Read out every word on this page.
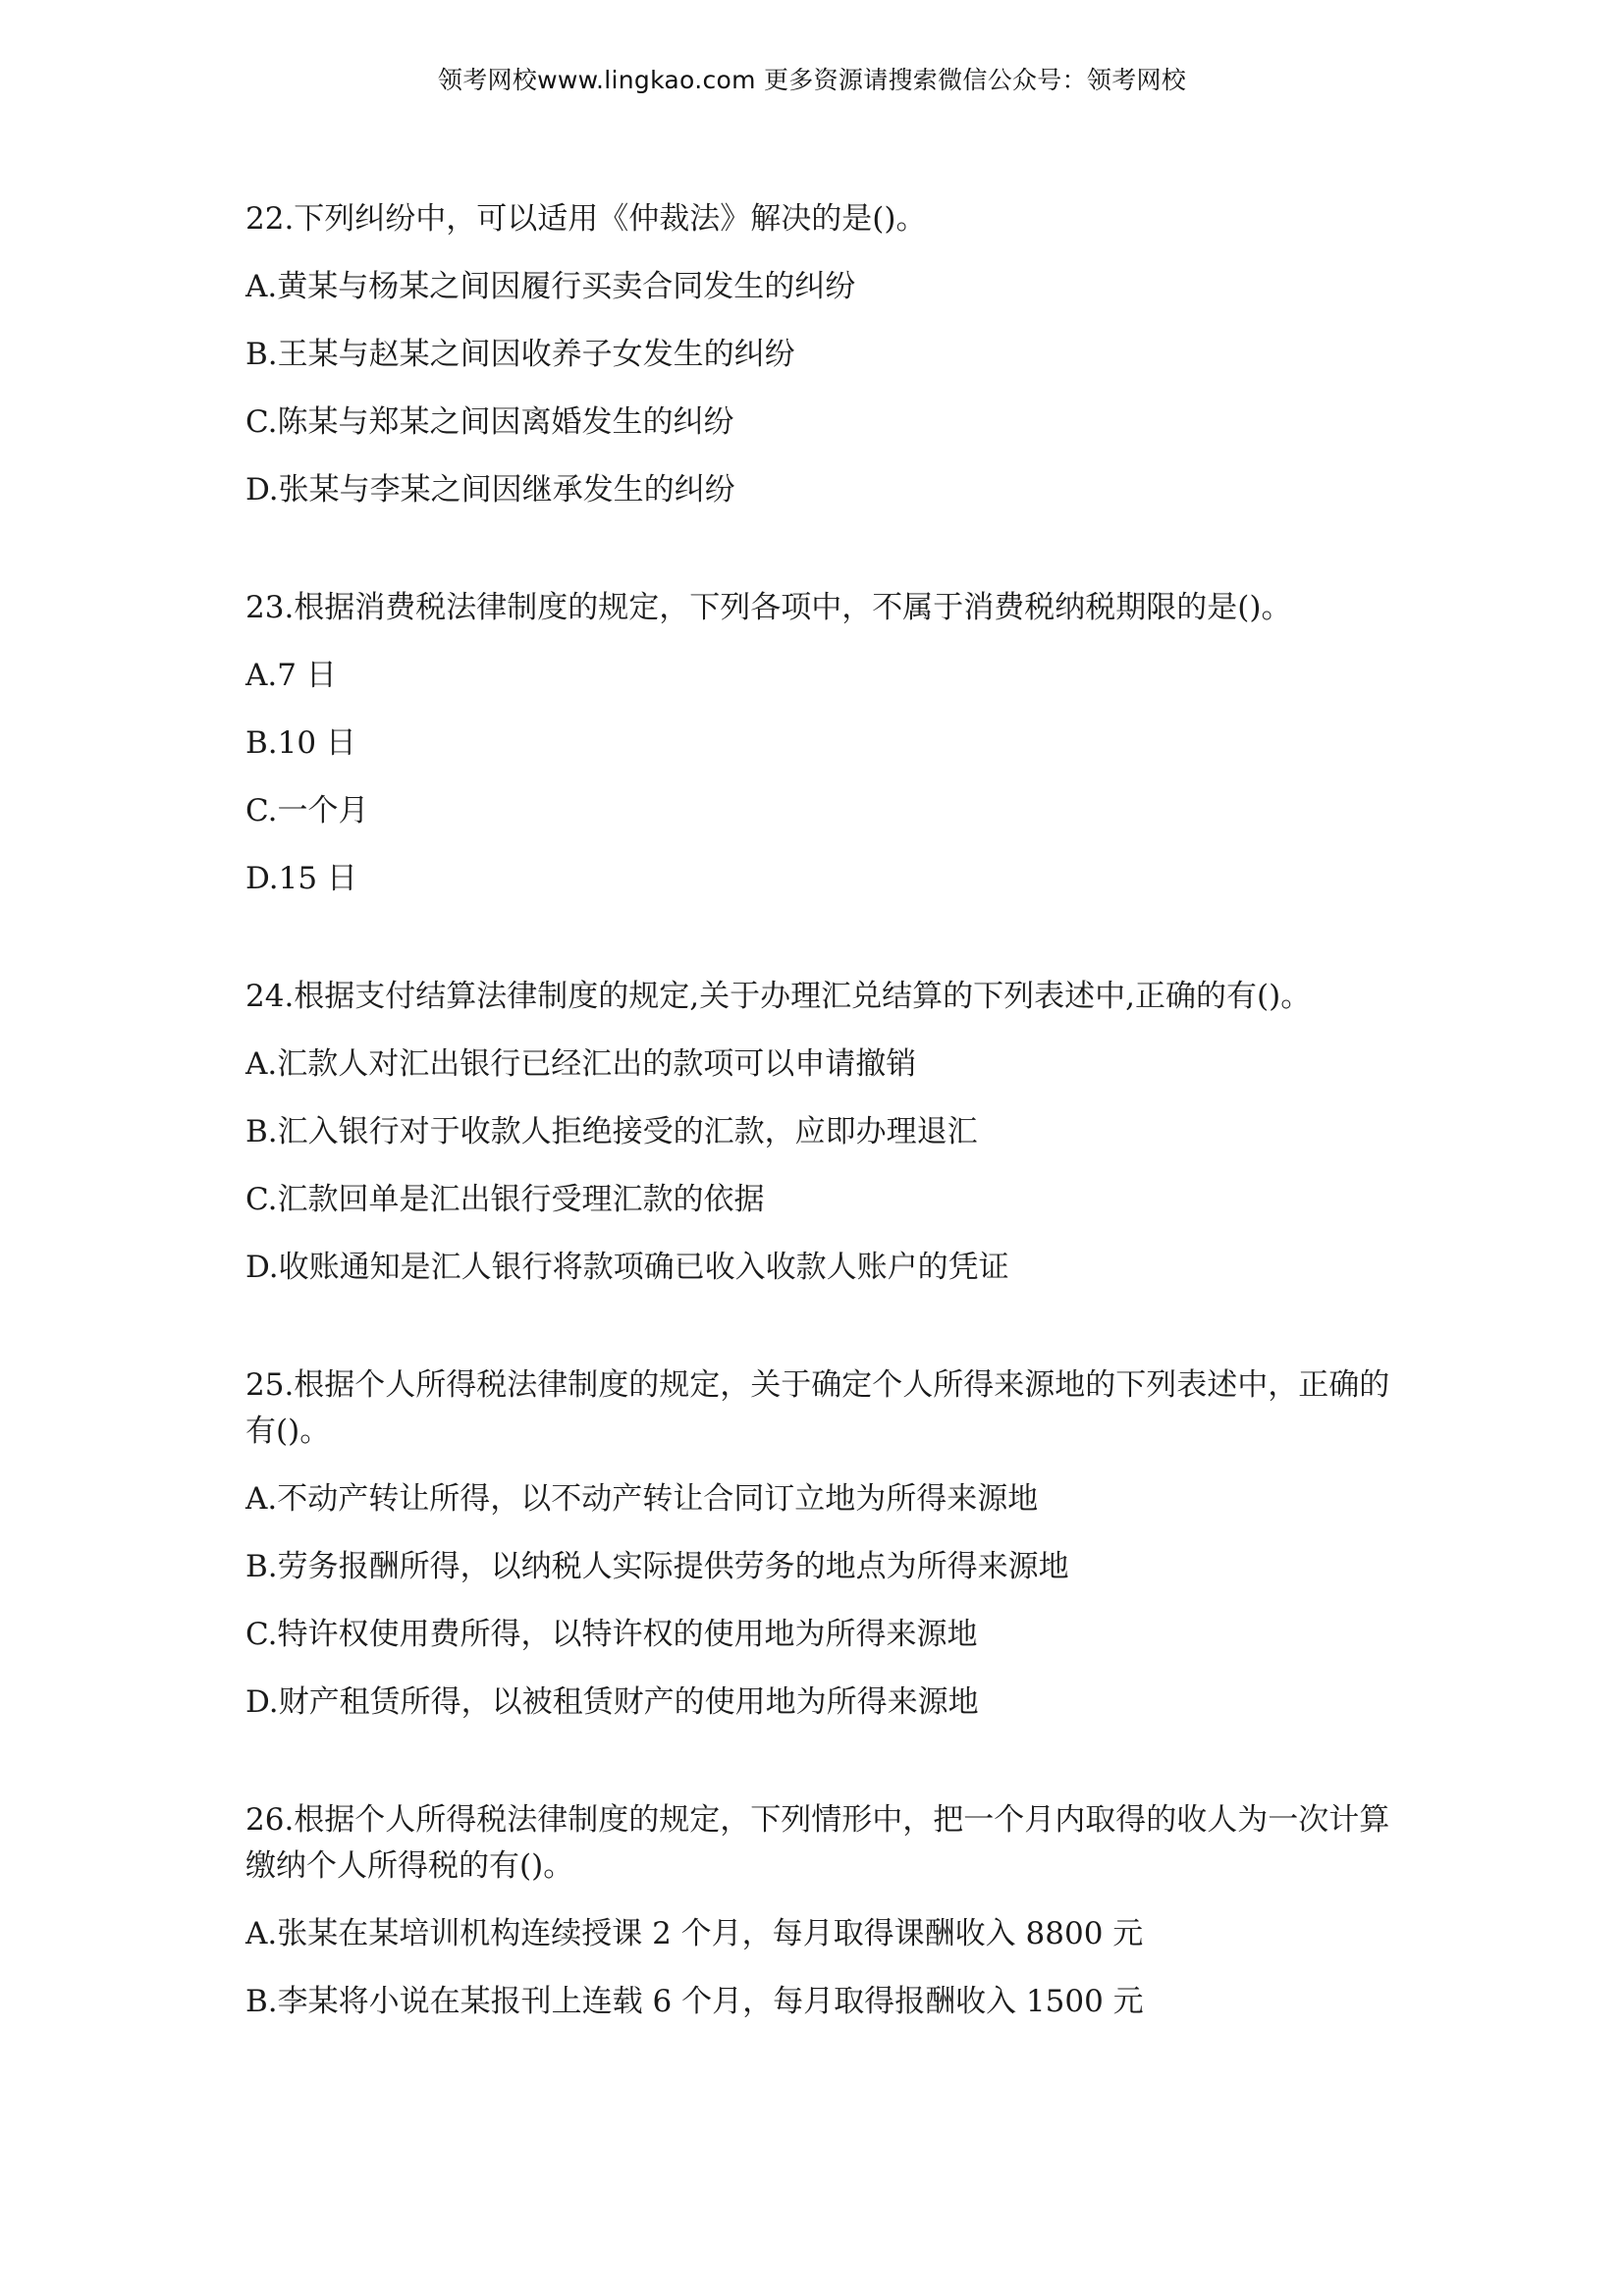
领考网校www.lingkao.com 更多资源请搜索微信公众号：领考网校
22.下列纠纷中，可以适用《仲裁法》解决的是()。
A.黄某与杨某之间因履行买卖合同发生的纠纷
B.王某与赵某之间因收养子女发生的纠纷
C.陈某与郑某之间因离婚发生的纠纷
D.张某与李某之间因继承发生的纠纷
23.根据消费税法律制度的规定，下列各项中，不属于消费税纳税期限的是()。
A.7 日
B.10 日
C.一个月
D.15 日
24.根据支付结算法律制度的规定,关于办理汇兑结算的下列表述中,正确的有()。
A.汇款人对汇出银行已经汇出的款项可以申请撤销
B.汇入银行对于收款人拒绝接受的汇款，应即办理退汇
C.汇款回单是汇出银行受理汇款的依据
D.收账通知是汇人银行将款项确已收入收款人账户的凭证
25.根据个人所得税法律制度的规定，关于确定个人所得来源地的下列表述中，正确的有()。
A.不动产转让所得，以不动产转让合同订立地为所得来源地
B.劳务报酬所得，以纳税人实际提供劳务的地点为所得来源地
C.特许权使用费所得，以特许权的使用地为所得来源地
D.财产租赁所得，以被租赁财产的使用地为所得来源地
26.根据个人所得税法律制度的规定，下列情形中，把一个月内取得的收人为一次计算缴纳个人所得税的有()。
A.张某在某培训机构连续授课 2 个月，每月取得课酬收入 8800 元
B.李某将小说在某报刊上连载 6 个月，每月取得报酬收入 1500 元
